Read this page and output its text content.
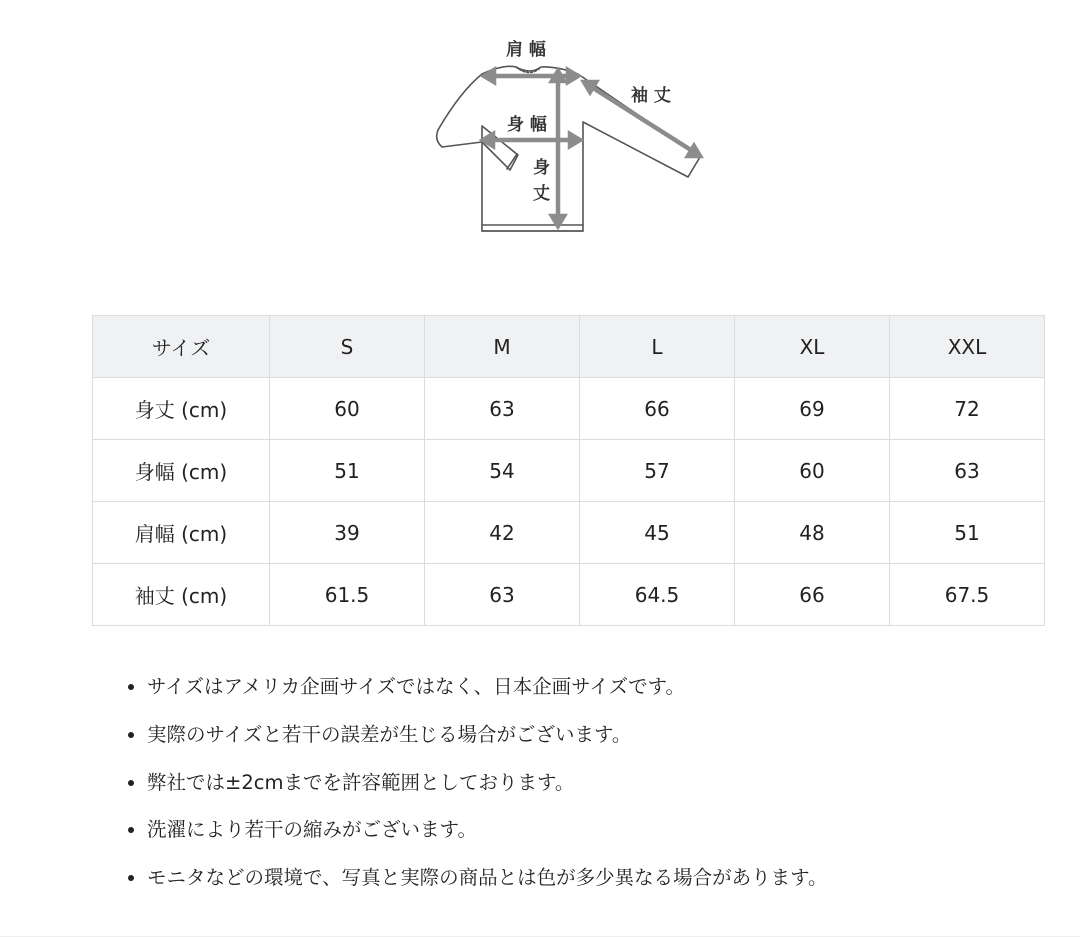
肩 幅
袖 丈
身 幅
身
丈
サイズ	S	M	L	XL	XXL
身丈 (cm)	60	63	66	69	72
身幅 (cm)	51	54	57	60	63
肩幅 (cm)	39	42	45	48	51
袖丈 (cm)	61.5	63	64.5	66	67.5
• サイズはアメリカ企画サイズではなく、日本企画サイズです。
• 実際のサイズと若干の誤差が生じる場合がございます。
• 弊社では±2cmまでを許容範囲としております。
• 洗濯により若干の縮みがございます。
• モニタなどの環境で、写真と実際の商品とは色が多少異なる場合があります。
